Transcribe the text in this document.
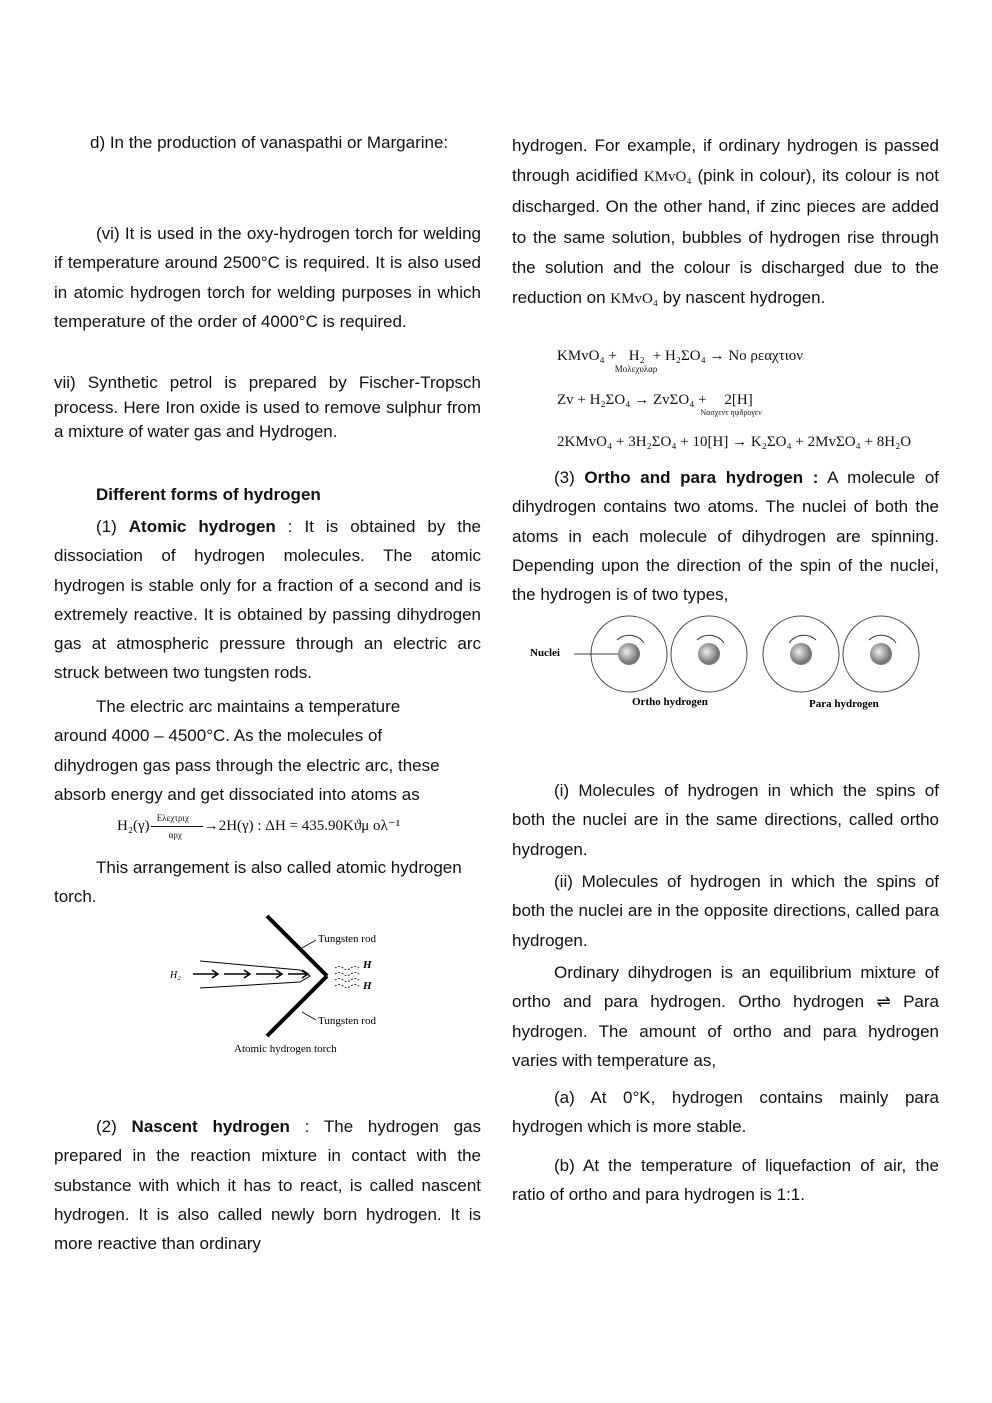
d) In the production of vanaspathi or Margarine:

(vi) It is used in the oxy-hydrogen torch for welding if temperature around 2500°C is required. It is also used in atomic hydrogen torch for welding purposes in which temperature of the order of 4000°C is required.

vii) Synthetic petrol is prepared by Fischer-Tropsch process. Here Iron oxide is used to remove sulphur from a mixture of water gas and Hydrogen.

Different forms of hydrogen

(1) Atomic hydrogen : It is obtained by the dissociation of hydrogen molecules. The atomic hydrogen is stable only for a fraction of a second and is extremely reactive. It is obtained by passing dihydrogen gas at atmospheric pressure through an electric arc struck between two tungsten rods.

The electric arc maintains a temperature around 4000 – 4500°C. As the molecules of dihydrogen gas pass through the electric arc, these absorb energy and get dissociated into atoms as

H₂(γ) Ελεχτριχ
αρχ
→2H(γ) : ΔH = 435.90Kϑμ ολ⁻¹

This arrangement is also called atomic hydrogen torch.

H₂
H
H
Tungsten rod
Tungsten rod
Atomic hydrogen torch

(2) Nascent hydrogen : The hydrogen gas prepared in the reaction mixture in contact with the substance with which it has to react, is called nascent hydrogen. It is also called newly born hydrogen. It is more reactive than ordinary

hydrogen. For example, if ordinary hydrogen is passed through acidified KMvO₄ (pink in colour), its colour is not discharged. On the other hand, if zinc pieces are added to the same solution, bubbles of hydrogen rise through the solution and the colour is discharged due to the reduction on KMvO₄ by nascent hydrogen.

KMvO₄ + H₂
Μολεχυλαρ
+ H₂ΣO₄ → Νο ρεαχτιον
Zv + H₂ΣO₄ → ZvΣO₄ + 2[H]
Νασχεντ ηψδρογεν
2KMvO₄ + 3H₂ΣO₄ + 10[H] → K₂ΣO₄ + 2MvΣO₄ + 8H₂O

(3) Ortho and para hydrogen : A molecule of dihydrogen contains two atoms. The nuclei of both the atoms in each molecule of dihydrogen are spinning. Depending upon the direction of the spin of the nuclei, the hydrogen is of two types,

Nuclei
Ortho hydrogen	Para hydrogen

(i) Molecules of hydrogen in which the spins of both the nuclei are in the same directions, called ortho hydrogen.

(ii) Molecules of hydrogen in which the spins of both the nuclei are in the opposite directions, called para hydrogen.

Ordinary dihydrogen is an equilibrium mixture of ortho and para hydrogen. Ortho hydrogen ⇌ Para hydrogen. The amount of ortho and para hydrogen varies with temperature as,

(a) At 0°K, hydrogen contains mainly para hydrogen which is more stable.

(b) At the temperature of liquefaction of air, the ratio of ortho and para hydrogen is 1:1.
